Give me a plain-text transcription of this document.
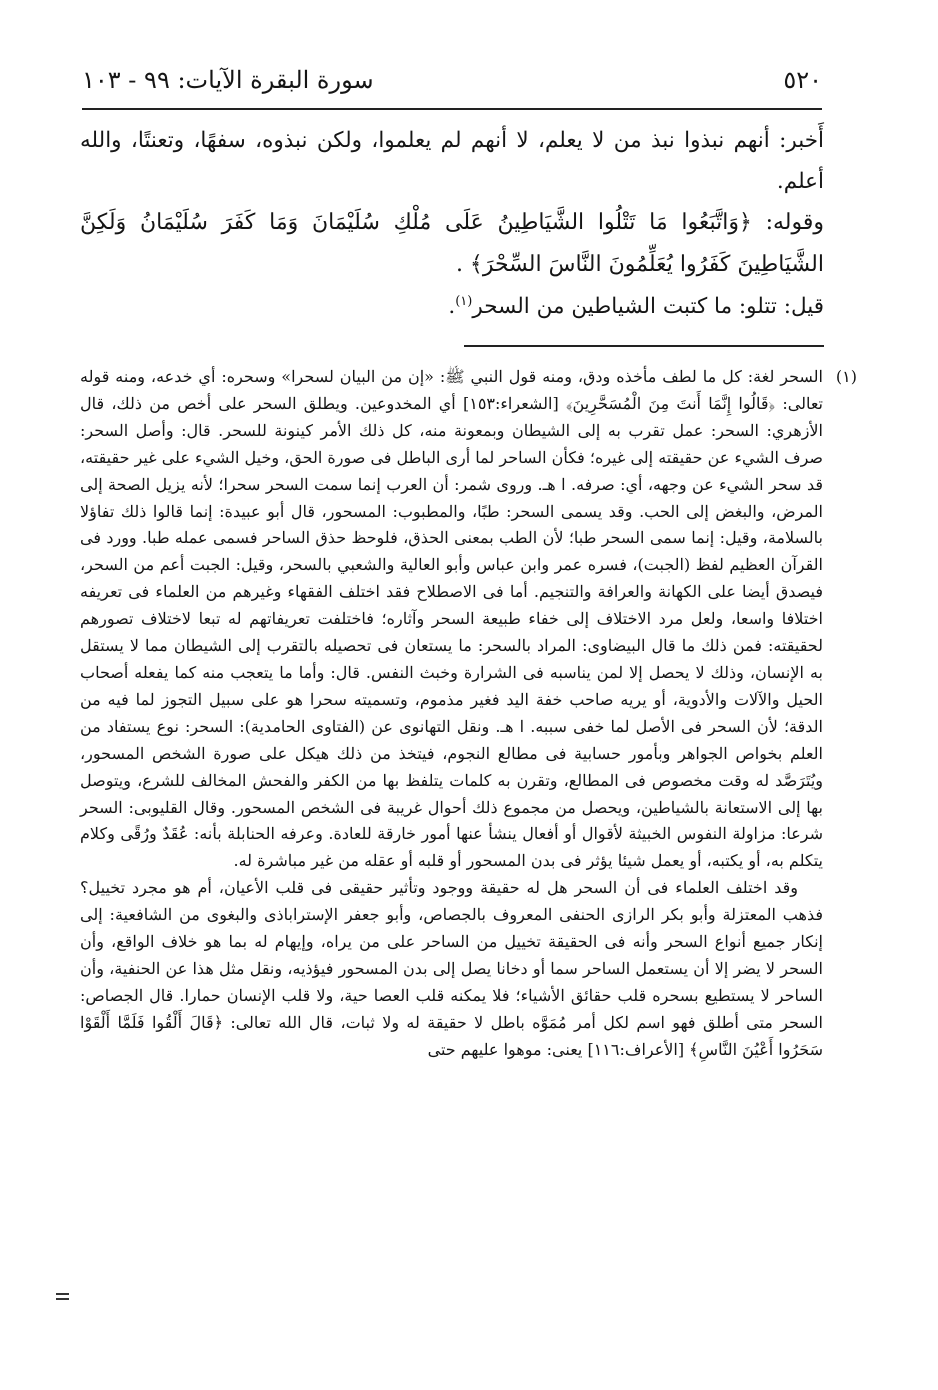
٥٢٠
سورة البقرة الآيات: ٩٩ - ١٠٣

أَخبر: أنهم نبذوا نبذ من لا يعلم، لا أنهم لم يعلموا، ولكن نبذوه، سفهًا، وتعنتًا، والله أعلم.

وقوله: ﴿وَاتَّبَعُوا مَا تَتْلُوا الشَّيَاطِينُ عَلَى مُلْكِ سُلَيْمَانَ وَمَا كَفَرَ سُلَيْمَانُ وَلَكِنَّ الشَّيَاطِينَ كَفَرُوا يُعَلِّمُونَ النَّاسَ السِّحْرَ﴾ .

قيل: تتلو: ما كتبت الشياطين من السحر$^{(١)}$.

(١)

السحر لغة: كل ما لطف مأخذه ودق، ومنه قول النبي ﷺ: «إن من البيان لسحرا» وسحره: أي خدعه، ومنه قوله تعالى: ﴿قَالُوا إِنَّمَا أَنتَ مِنَ الْمُسَحَّرِينَ﴾ [الشعراء:١٥٣] أي المخدوعين. ويطلق السحر على أخص من ذلك، قال الأزهري: السحر: عمل تقرب به إلى الشيطان وبمعونة منه، كل ذلك الأمر كينونة للسحر. قال: وأصل السحر: صرف الشيء عن حقيقته إلى غيره؛ فكأن الساحر لما أرى الباطل فى صورة الحق، وخيل الشيء على غير حقيقته، قد سحر الشيء عن وجهه، أي: صرفه. ا هـ. وروى شمر: أن العرب إنما سمت السحر سحرا؛ لأنه يزيل الصحة إلى المرض، والبغض إلى الحب. وقد يسمى السحر: طبًا، والمطبوب: المسحور، قال أبو عبيدة: إنما قالوا ذلك تفاؤلا بالسلامة، وقيل: إنما سمى السحر طبا؛ لأن الطب بمعنى الحذق، فلوحظ حذق الساحر فسمى عمله طبا. وورد فى القرآن العظيم لفظ (الجبت)، فسره عمر وابن عباس وأبو العالية والشعبي بالسحر، وقيل: الجبت أعم من السحر، فيصدق أيضا على الكهانة والعرافة والتنجيم. أما فى الاصطلاح فقد اختلف الفقهاء وغيرهم من العلماء فى تعريفه اختلافا واسعا، ولعل مرد الاختلاف إلى خفاء طبيعة السحر وآثاره؛ فاختلفت تعريفاتهم له تبعا لاختلاف تصورهم لحقيقته: فمن ذلك ما قال البيضاوى: المراد بالسحر: ما يستعان فى تحصيله بالتقرب إلى الشيطان مما لا يستقل به الإنسان، وذلك لا يحصل إلا لمن يناسبه فى الشرارة وخبث النفس. قال: وأما ما يتعجب منه كما يفعله أصحاب الحيل والآلات والأدوية، أو يريه صاحب خفة اليد فغير مذموم، وتسميته سحرا هو على سبيل التجوز لما فيه من الدقة؛ لأن السحر فى الأصل لما خفى سببه. ا هـ. ونقل التهانوى عن (الفتاوى الحامدية): السحر: نوع يستفاد من العلم بخواص الجواهر وبأمور حسابية فى مطالع النجوم، فيتخذ من ذلك هيكل على صورة الشخص المسحور، ويُتَرَصَّد له وقت مخصوص فى المطالع، وتقرن به كلمات يتلفظ بها من الكفر والفحش المخالف للشرع، ويتوصل بها إلى الاستعانة بالشياطين، ويحصل من مجموع ذلك أحوال غريبة فى الشخص المسحور. وقال القليوبى: السحر شرعا: مزاولة النفوس الخبيثة لأقوال أو أفعال ينشأ عنها أمور خارقة للعادة. وعرفه الحنابلة بأنه: عُقَدٌ ورُقًى وكلام يتكلم به، أو يكتبه، أو يعمل شيئا يؤثر فى بدن المسحور أو قلبه أو عقله من غير مباشرة له.

وقد اختلف العلماء فى أن السحر هل له حقيقة ووجود وتأثير حقيقى فى قلب الأعيان، أم هو مجرد تخييل؟ فذهب المعتزلة وأبو بكر الرازى الحنفى المعروف بالجصاص، وأبو جعفر الإستراباذى والبغوى من الشافعية: إلى إنكار جميع أنواع السحر وأنه فى الحقيقة تخييل من الساحر على من يراه، وإيهام له بما هو خلاف الواقع، وأن السحر لا يضر إلا أن يستعمل الساحر سما أو دخانا يصل إلى بدن المسحور فيؤذيه، ونقل مثل هذا عن الحنفية، وأن الساحر لا يستطيع بسحره قلب حقائق الأشياء؛ فلا يمكنه قلب العصا حية، ولا قلب الإنسان حمارا. قال الجصاص: السحر متى أطلق فهو اسم لكل أمر مُمَوَّه باطل لا حقيقة له ولا ثبات، قال الله تعالى: ﴿قَالَ أَلْقُوا فَلَمَّا أَلْقَوْا سَحَرُوا أَعْيُنَ النَّاسِ﴾ [الأعراف:١١٦] يعنى: موهوا عليهم حتى
